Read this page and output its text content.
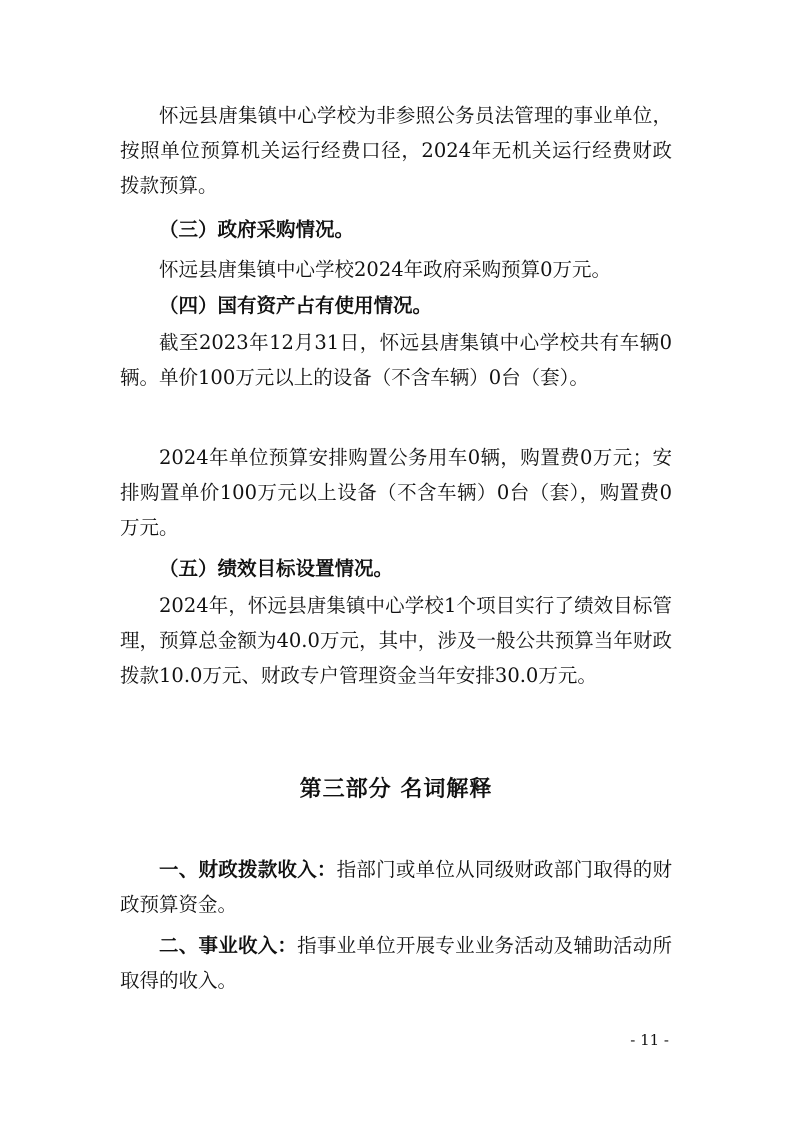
怀远县唐集镇中心学校为非参照公务员法管理的事业单位，按照单位预算机关运行经费口径，2024年无机关运行经费财政拨款预算。

（三）政府采购情况。

怀远县唐集镇中心学校2024年政府采购预算0万元。

（四）国有资产占有使用情况。

截至2023年12月31日，怀远县唐集镇中心学校共有车辆0辆。单价100万元以上的设备（不含车辆）0台（套）。

2024年单位预算安排购置公务用车0辆，购置费0万元；安排购置单价100万元以上设备（不含车辆）0台（套），购置费0万元。

（五）绩效目标设置情况。

2024年，怀远县唐集镇中心学校1个项目实行了绩效目标管理，预算总金额为40.0万元，其中，涉及一般公共预算当年财政拨款10.0万元、财政专户管理资金当年安排30.0万元。

第三部分 名词解释

一、财政拨款收入：指部门或单位从同级财政部门取得的财政预算资金。

二、事业收入：指事业单位开展专业业务活动及辅助活动所取得的收入。

- 11 -
